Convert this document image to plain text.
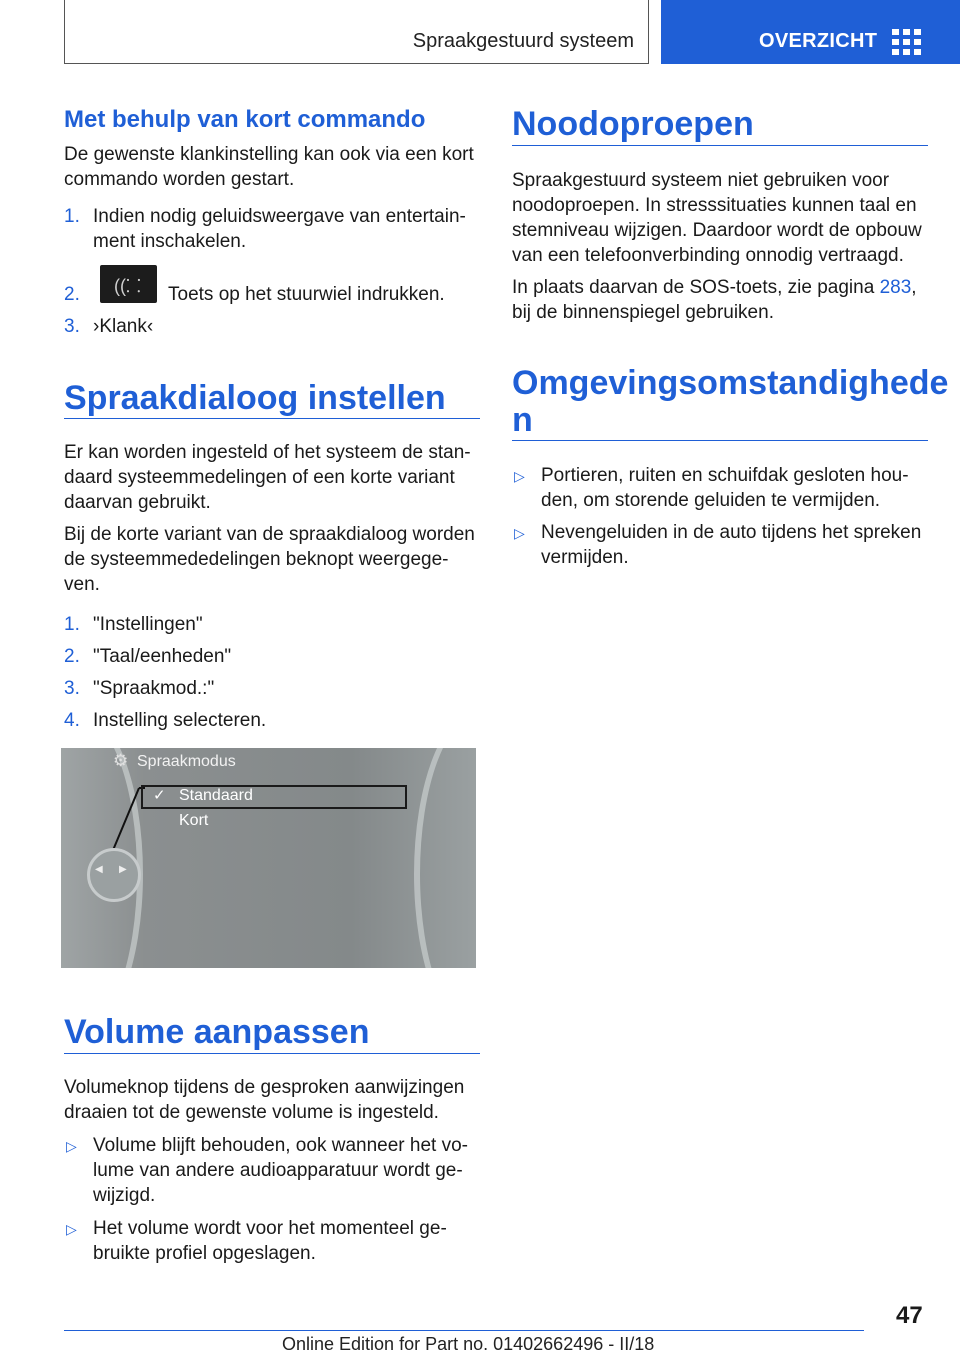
Spraakgestuurd systeem	OVERZICHT
Met behulp van kort commando

De gewenste klankinstelling kan ook via een kort

commando worden gestart.

1. Indien nodig geluidsweergave van entertain-

ment inschakelen.

2. ((⸬ Toets op het stuurwiel indrukken.

3. ›Klank‹

Spraakdialoog instellen

Er kan worden ingesteld of het systeem de stan-

daard systeemmedelingen of een korte variant

daarvan gebruikt.

Bij de korte variant van de spraakdialoog worden

de systeemmededelingen beknopt weergege-

ven.

1. "Instellingen"

2. "Taal/eenheden"

3. "Spraakmod.:"

4. Instelling selecteren.

⚙ Spraakmodus
✓ Standaard
Kort
◀ ▶
Volume aanpassen

Volumeknop tijdens de gesproken aanwijzingen

draaien tot de gewenste volume is ingesteld.

▷ Volume blijft behouden, ook wanneer het vo-

lume van andere audioapparatuur wordt ge-

wijzigd.

▷ Het volume wordt voor het momenteel ge-

bruikte profiel opgeslagen.

Noodoproepen

Spraakgestuurd systeem niet gebruiken voor

noodoproepen. In stresssituaties kunnen taal en

stemniveau wijzigen. Daardoor wordt de opbouw

van een telefoonverbinding onnodig vertraagd.

In plaats daarvan de SOS-toets, zie pagina 283,

bij de binnenspiegel gebruiken.

Omgevingsomstandighede
n
▷ Portieren, ruiten en schuifdak gesloten hou-

den, om storende geluiden te vermijden.

▷ Nevengeluiden in de auto tijdens het spreken

vermijden.

47
Online Edition for Part no. 01402662496 - II/18
